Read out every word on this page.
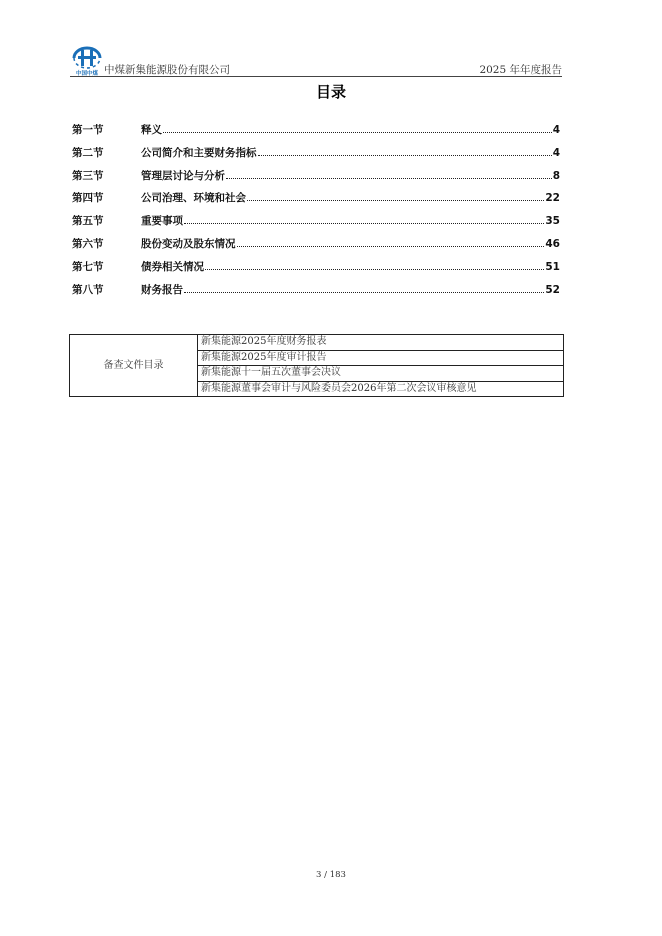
中国中煤 中煤新集能源股份有限公司	2025 年年度报告
目录
第一节	释义	4
第二节	公司简介和主要财务指标	4
第三节	管理层讨论与分析	8
第四节	公司治理、环境和社会	22
第五节	重要事项	35
第六节	股份变动及股东情况	46
第七节	债券相关情况	51
第八节	财务报告	52
备查文件目录	新集能源2025年度财务报表
新集能源2025年度审计报告
新集能源十一届五次董事会决议
新集能源董事会审计与风险委员会2026年第二次会议审核意见
3 / 183
